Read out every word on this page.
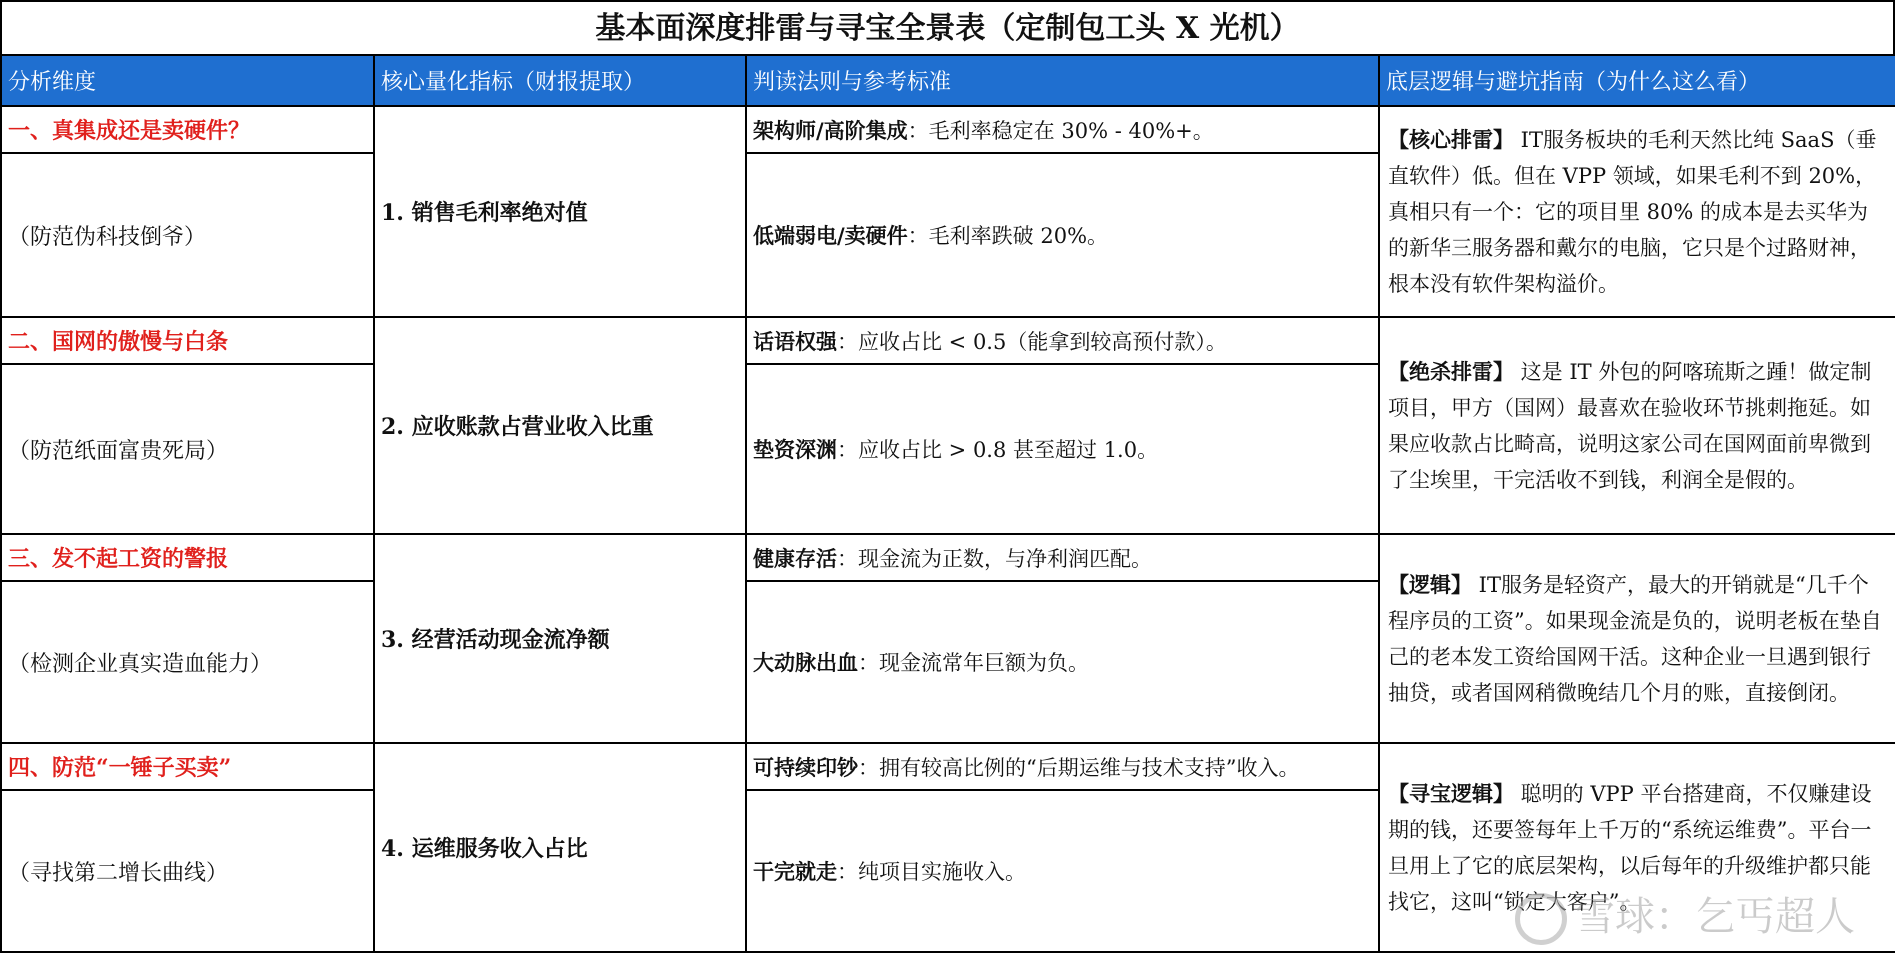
基本面深度排雷与寻宝全景表（定制包工头 X 光机）
分析维度	核心量化指标（财报提取）	判读法则与参考标准	底层逻辑与避坑指南（为什么这么看）
一、真集成还是卖硬件？	1. 销售毛利率绝对值	架构师/高阶集成：毛利率稳定在 30% - 40%+。	【核心排雷】 IT服务板块的毛利天然比纯 SaaS（垂直软件）低。但在 VPP 领域，如果毛利不到 20%，真相只有一个：它的项目里 80% 的成本是去买华为的新华三服务器和戴尔的电脑，它只是个过路财神，根本没有软件架构溢价。
（防范伪科技倒爷）		低端弱电/卖硬件：毛利率跌破 20%。	
二、国网的傲慢与白条	2. 应收账款占营业收入比重	话语权强：应收占比 < 0.5（能拿到较高预付款）。	【绝杀排雷】 这是 IT 外包的阿喀琉斯之踵！做定制项目，甲方（国网）最喜欢在验收环节挑刺拖延。如果应收款占比畸高，说明这家公司在国网面前卑微到了尘埃里，干完活收不到钱，利润全是假的。
（防范纸面富贵死局）		垫资深渊：应收占比 > 0.8 甚至超过 1.0。	
三、发不起工资的警报	3. 经营活动现金流净额	健康存活：现金流为正数，与净利润匹配。	【逻辑】 IT服务是轻资产，最大的开销就是“几千个程序员的工资”。如果现金流是负的，说明老板在垫自己的老本发工资给国网干活。这种企业一旦遇到银行抽贷，或者国网稍微晚结几个月的账，直接倒闭。
（检测企业真实造血能力）		大动脉出血：现金流常年巨额为负。	
四、防范“一锤子买卖”	4. 运维服务收入占比	可持续印钞：拥有较高比例的“后期运维与技术支持”收入。	【寻宝逻辑】 聪明的 VPP 平台搭建商，不仅赚建设期的钱，还要签每年上千万的“系统运维费”。平台一旦用上了它的底层架构，以后每年的升级维护都只能找它，这叫“锁定大客户”。
（寻找第二增长曲线）		干完就走：纯项目实施收入。	
雪球：乞丐超人
